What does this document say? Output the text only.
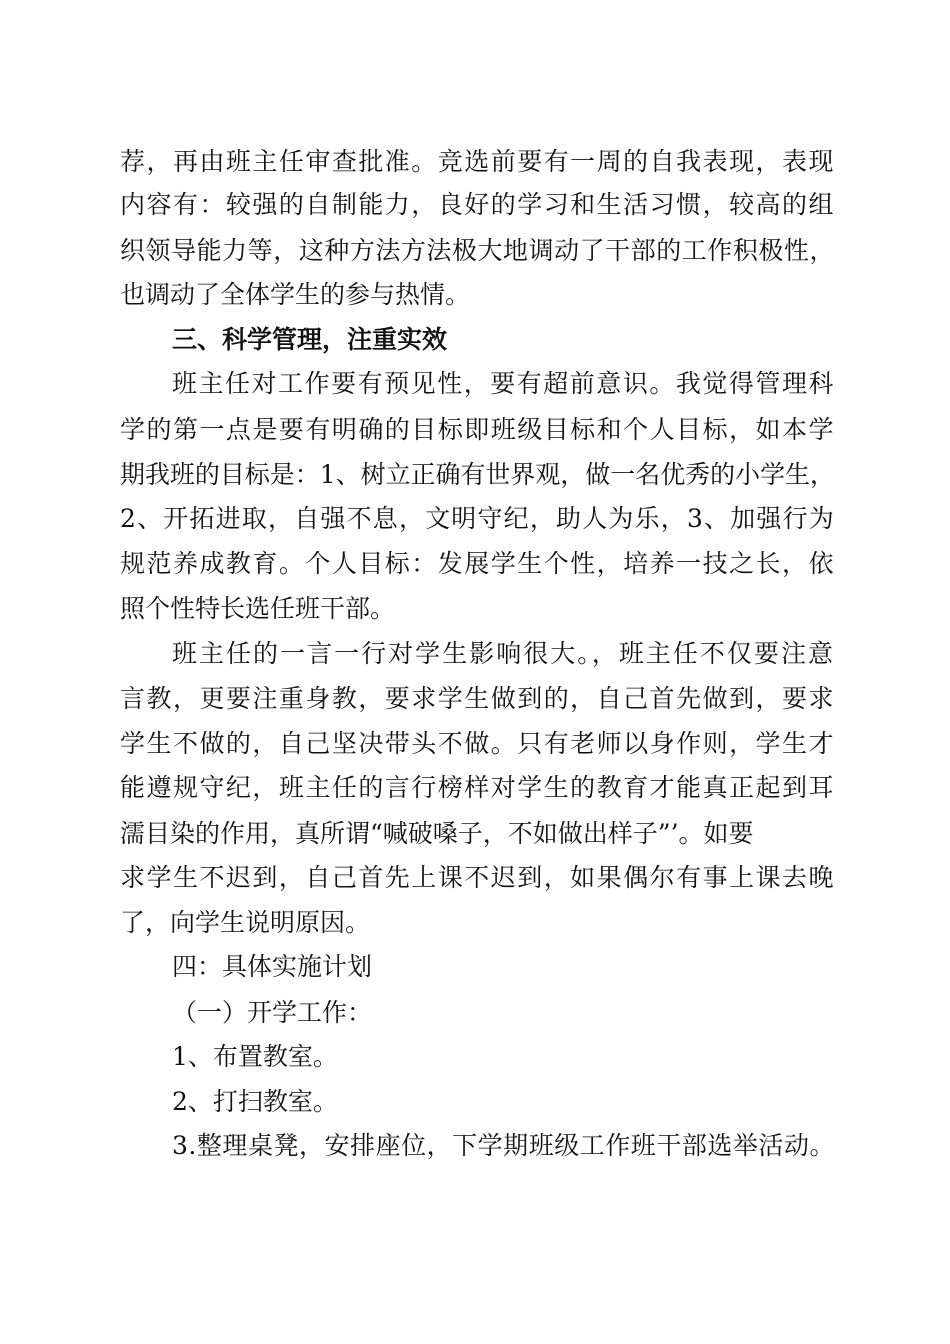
荐，再由班主任审查批准。竞选前要有一周的自我表现，表现
内容有：较强的自制能力，良好的学习和生活习惯，较高的组
织领导能力等，这种方法方法极大地调动了干部的工作积极性，
也调动了全体学生的参与热情。
三、科学管理，注重实效
班主任对工作要有预见性，要有超前意识。我觉得管理科
学的第一点是要有明确的目标即班级目标和个人目标，如本学
期我班的目标是：1、树立正确有世界观，做一名优秀的小学生，
2、开拓进取，自强不息，文明守纪，助人为乐，3、加强行为
规范养成教育。个人目标：发展学生个性，培养一技之长，依
照个性特长选任班干部。
班主任的一言一行对学生影响很大。，班主任不仅要注意
言教，更要注重身教，要求学生做到的，自己首先做到，要求
学生不做的，自己坚决带头不做。只有老师以身作则，学生才
能遵规守纪，班主任的言行榜样对学生的教育才能真正起到耳
濡目染的作用，真所谓“喊破嗓子，不如做出样子”’。如要
求学生不迟到，自己首先上课不迟到，如果偶尔有事上课去晚
了，向学生说明原因。
四：具体实施计划
（一）开学工作：
1、布置教室。
2、打扫教室。
3.整理桌凳，安排座位，下学期班级工作班干部选举活动。
